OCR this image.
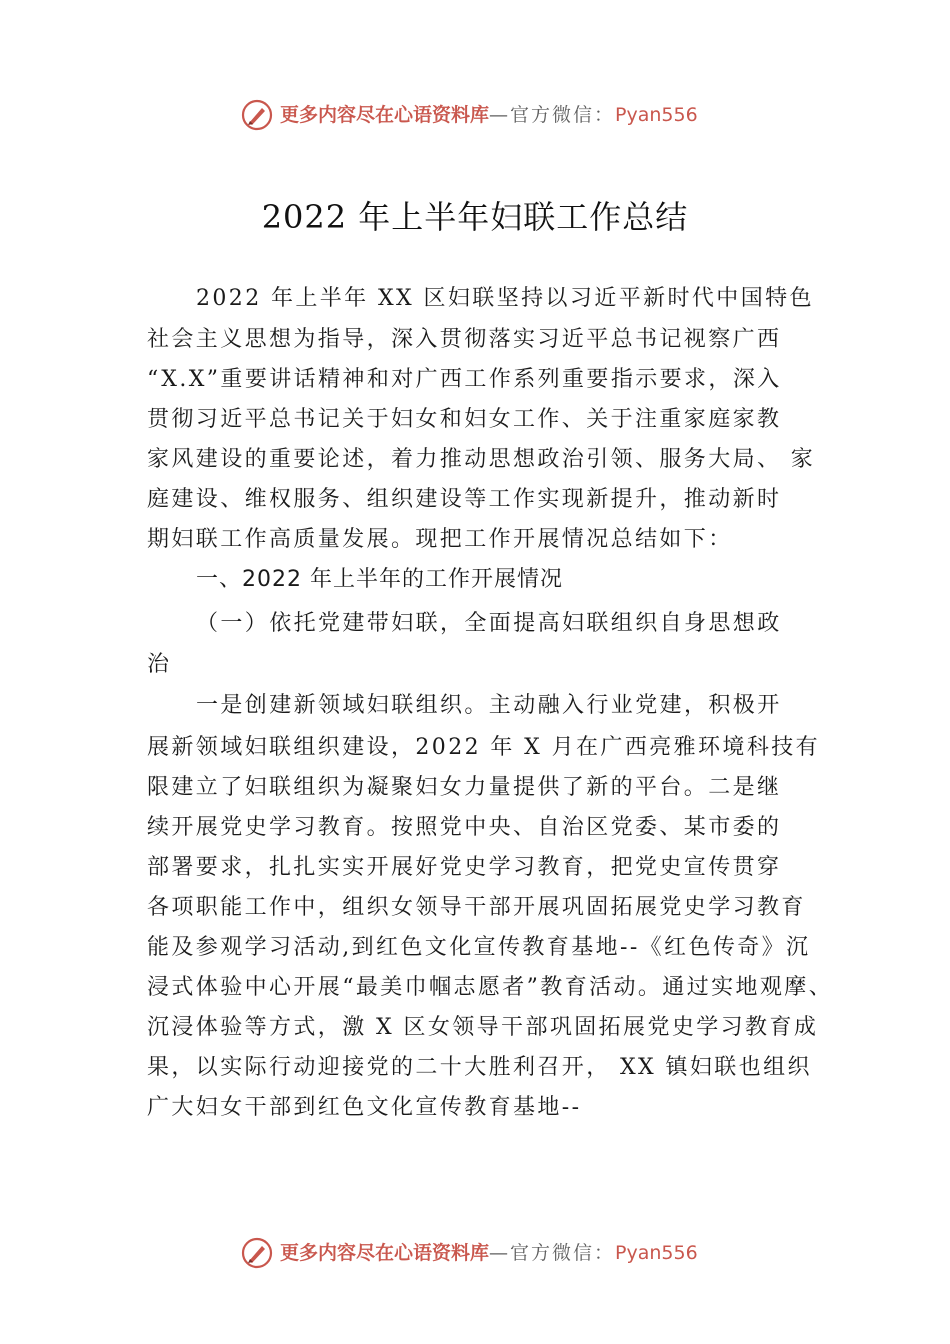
更多内容尽在心语资料库—官方微信：Pyan556
2022 年上半年妇联工作总结
2022 年上半年 XX 区妇联坚持以习近平新时代中国特色
社会主义思想为指导，深入贯彻落实习近平总书记视察广西
“X.X”重要讲话精神和对广西工作系列重要指示要求，深入
贯彻习近平总书记关于妇女和妇女工作、关于注重家庭家教
家风建设的重要论述，着力推动思想政治引领、服务大局、 家
庭建设、维权服务、组织建设等工作实现新提升，推动新时
期妇联工作高质量发展。现把工作开展情况总结如下：
一、2022 年上半年的工作开展情况
（一）依托党建带妇联，全面提高妇联组织自身思想政
治
一是创建新领域妇联组织。主动融入行业党建，积极开
展新领域妇联组织建设，2022 年 X 月在广西亮雅环境科技有
限建立了妇联组织为凝聚妇女力量提供了新的平台。二是继
续开展党史学习教育。按照党中央、自治区党委、某市委的
部署要求，扎扎实实开展好党史学习教育，把党史宣传贯穿
各项职能工作中，组织女领导干部开展巩固拓展党史学习教育
能及参观学习活动,到红色文化宣传教育基地--《红色传奇》沉
浸式体验中心开展“最美巾帼志愿者”教育活动。通过实地观摩、
沉浸体验等方式，激 X 区女领导干部巩固拓展党史学习教育成
果，以实际行动迎接党的二十大胜利召开， XX 镇妇联也组织
广大妇女干部到红色文化宣传教育基地--
更多内容尽在心语资料库—官方微信：Pyan556
